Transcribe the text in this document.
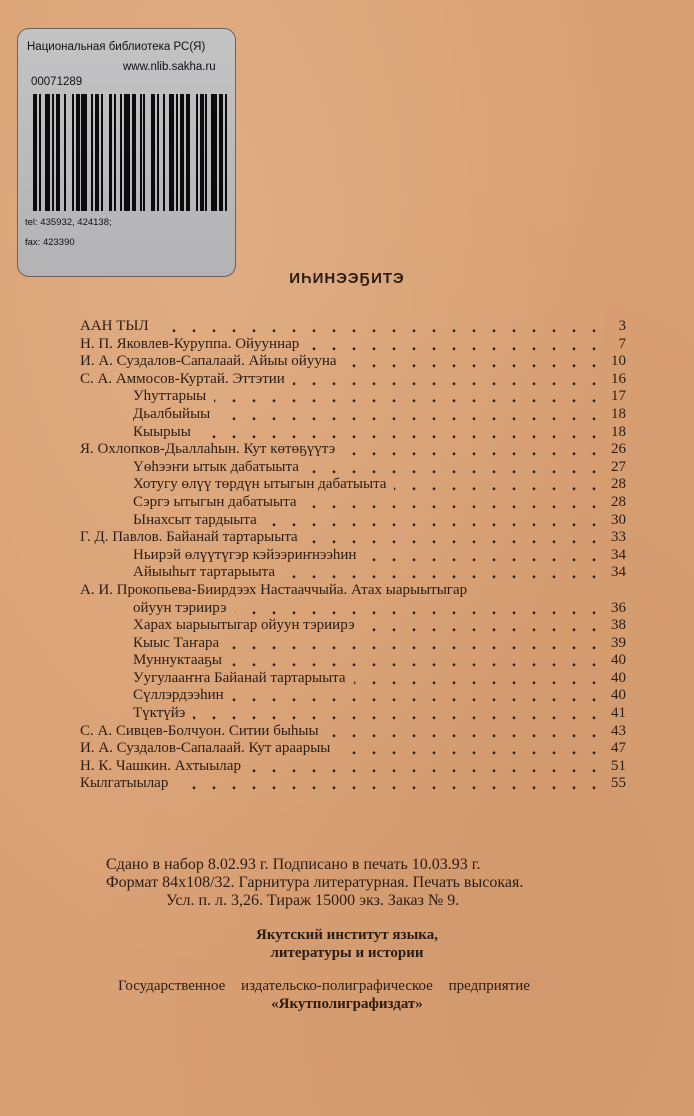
Национальная библиотека РС(Я)
www.nlib.sakha.ru
00071289
tel: 435932, 424138;
fax: 423390
ИҺИНЭЭҔИТЭ
ААН ТЫЛ	3
Н. П. Яковлев-Куруппа. Ойууннар	7
И. А. Суздалов-Сапалаай. Айыы ойууна	10
С. А. Аммосов-Куртай. Эттэтии	16
Уһуттарыы	17
Дьалбыйыы	18
Кыырыы	18
Я. Охлопков-Дьаллаһын. Кут көтөҕүүтэ	26
Үөһээҥи ытык дабатыыта	27
Хотугу өлүү төрдүн ытыгын дабатыыта	28
Сэргэ ытыгын дабатыыта	28
Ынахсыт тардыыта	30
Г. Д. Павлов. Байанай тартарыыта	33
Ньирэй өлүүтүгэр кэйээриҥнээһин	34
Айыыһыт тартарыыта	34
А. И. Прокопьева-Биирдээх Настааччыйа. Атах ыарыытыгар
ойуун тэриирэ	36
Харах ыарыытыгар ойуун тэриирэ	38
Кыыс Таҥара	39
Муннуктааҕы	40
Уугулааҥҥа Байанай тартарыыта	40
Сүллэрдээһин	40
Түктүйэ	41
С. А. Сивцев-Болчуон. Ситии быһыы	43
И. А. Суздалов-Сапалаай. Кут араарыы	47
Н. К. Чашкин. Ахтыылар	51
Кылгатыылар	55
Сдано в набор 8.02.93 г. Подписано в печать 10.03.93 г.
Формат 84х108/32. Гарнитура литературная. Печать высокая.
Усл. п. л. 3,26. Тираж 15000 экз. Заказ № 9.
Якутский институт языка,
литературы и истории
Государственное издательско-полиграфическое предприятие
«Якутполиграфиздат»
